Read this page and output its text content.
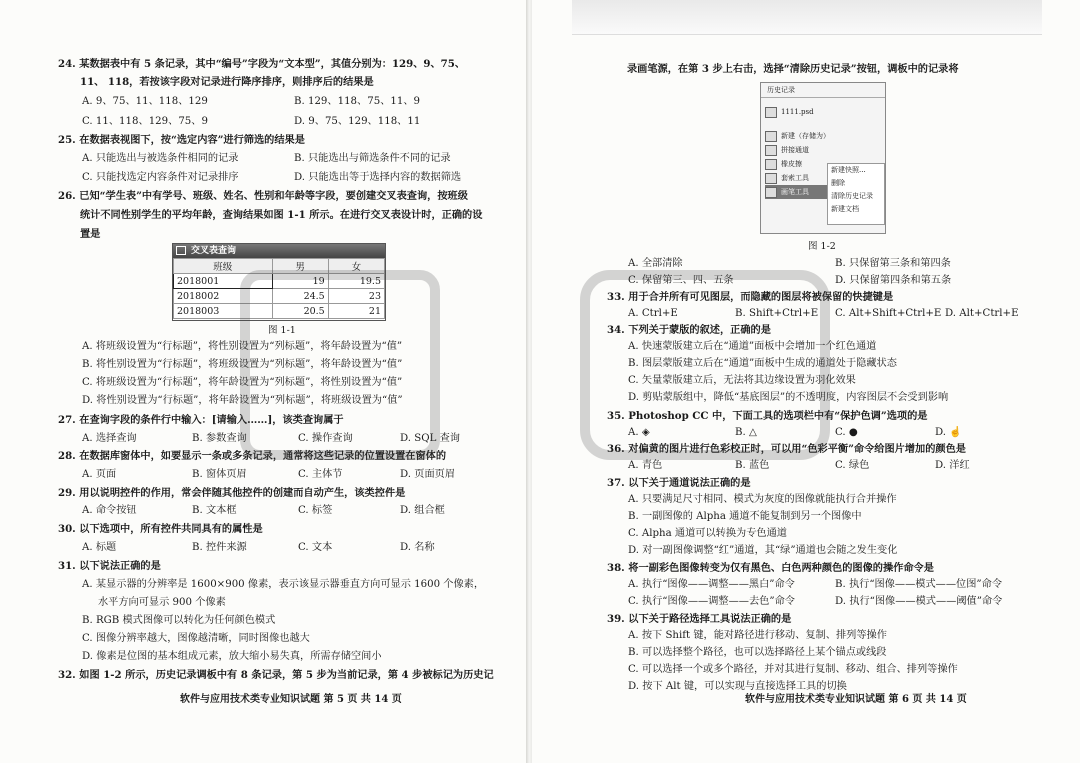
24. 某数据表中有 5 条记录，其中“编号”字段为“文本型”，其值分别为：129、9、75、
11、 118，若按该字段对记录进行降序排序，则排序后的结果是
A. 9、75、11、118、129	B. 129、118、75、11、9
C. 11、118、129、75、9	D. 9、75、129、118、11
25. 在数据表视图下，按“选定内容”进行筛选的结果是
A. 只能选出与被选条件相同的记录	B. 只能选出与筛选条件不同的记录
C. 只能找选定内容条件对记录排序	D. 只能选出等于选择内容的数据筛选
26. 已知“学生表”中有学号、班级、姓名、性别和年龄等字段，要创建交叉表查询，按班级
统计不同性别学生的平均年龄，查询结果如图 1-1 所示。在进行交叉表设计时，正确的设
置是
交叉表查询
班级	男	女
2018001	19	19.5
2018002	24.5	23
2018003	20.5	21
图 1-1
A. 将班级设置为“行标题”，将性别设置为“列标题”，将年龄设置为“值”
B. 将性别设置为“行标题”，将班级设置为“列标题”，将年龄设置为“值”
C. 将班级设置为“行标题”，将年龄设置为“列标题”，将性别设置为“值”
D. 将性别设置为“行标题”，将年龄设置为“列标题”，将班级设置为“值”
27. 在查询字段的条件行中输入：[请输入……]，该类查询属于
A. 选择查询	B. 参数查询	C. 操作查询	D. SQL 查询
28. 在数据库窗体中，如要显示一条或多条记录，通常将这些记录的位置设置在窗体的
A. 页面	B. 窗体页眉	C. 主体节	D. 页面页眉
29. 用以说明控件的作用，常会伴随其他控件的创建而自动产生，该类控件是
A. 命令按钮	B. 文本框	C. 标签	D. 组合框
30. 以下选项中，所有控件共同具有的属性是
A. 标题	B. 控件来源	C. 文本	D. 名称
31. 以下说法正确的是
A. 某显示器的分辨率是 1600×900 像素，表示该显示器垂直方向可显示 1600 个像素，
水平方向可显示 900 个像素
B. RGB 模式图像可以转化为任何颜色模式
C. 图像分辨率越大，图像越清晰，同时图像也越大
D. 像素是位图的基本组成元素，放大缩小易失真，所需存储空间小
32. 如图 1-2 所示，历史记录调板中有 8 条记录，第 5 步为当前记录，第 4 步被标记为历史记
软件与应用技术类专业知识试题 第 5 页 共 14 页
录画笔源，在第 3 步上右击，选择“清除历史记录”按钮，调板中的记录将
历史记录
1111.psd
新建（存储为）
拼接通道
橡皮擦
套索工具
画笔工具
新建快照...
删除
清除历史记录
新建文档
图 1-2
A. 全部清除	B. 只保留第三条和第四条
C. 保留第三、四、五条	D. 只保留第四条和第五条
33. 用于合并所有可见图层，而隐藏的图层将被保留的快捷键是
A. Ctrl+E	B. Shift+Ctrl+E C. Alt+Shift+Ctrl+E D. Alt+Ctrl+E
34. 下列关于蒙版的叙述，正确的是
A. 快速蒙版建立后在“通道”面板中会增加一个红色通道
B. 图层蒙版建立后在“通道”面板中生成的通道处于隐藏状态
C. 矢量蒙版建立后，无法将其边缘设置为羽化效果
D. 剪贴蒙版组中，降低“基底图层”的不透明度，内容图层不会受到影响
35. Photoshop CC 中，下面工具的选项栏中有“保护色调”选项的是
A. ◈	B. △	C. ●	D. ☝
36. 对偏黄的图片进行色彩校正时，可以用“色彩平衡”命令给图片增加的颜色是
A. 青色	B. 蓝色	C. 绿色	D. 洋红
37. 以下关于通道说法正确的是
A. 只要满足尺寸相同、模式为灰度的图像就能执行合并操作
B. 一副图像的 Alpha 通道不能复制到另一个图像中
C. Alpha 通道可以转换为专色通道
D. 对一副图像调整“红”通道，其“绿”通道也会随之发生变化
38. 将一副彩色图像转变为仅有黑色、白色两种颜色的图像的操作命令是
A. 执行“图像——调整——黑白”命令	B. 执行“图像——模式——位图”命令
C. 执行“图像——调整——去色”命令	D. 执行“图像——模式——阈值”命令
39. 以下关于路径选择工具说法正确的是
A. 按下 Shift 键，能对路径进行移动、复制、排列等操作
B. 可以选择整个路径，也可以选择路径上某个锚点或线段
C. 可以选择一个或多个路径，并对其进行复制、移动、组合、排列等操作
D. 按下 Alt 键，可以实现与直接选择工具的切换
软件与应用技术类专业知识试题 第 6 页 共 14 页
